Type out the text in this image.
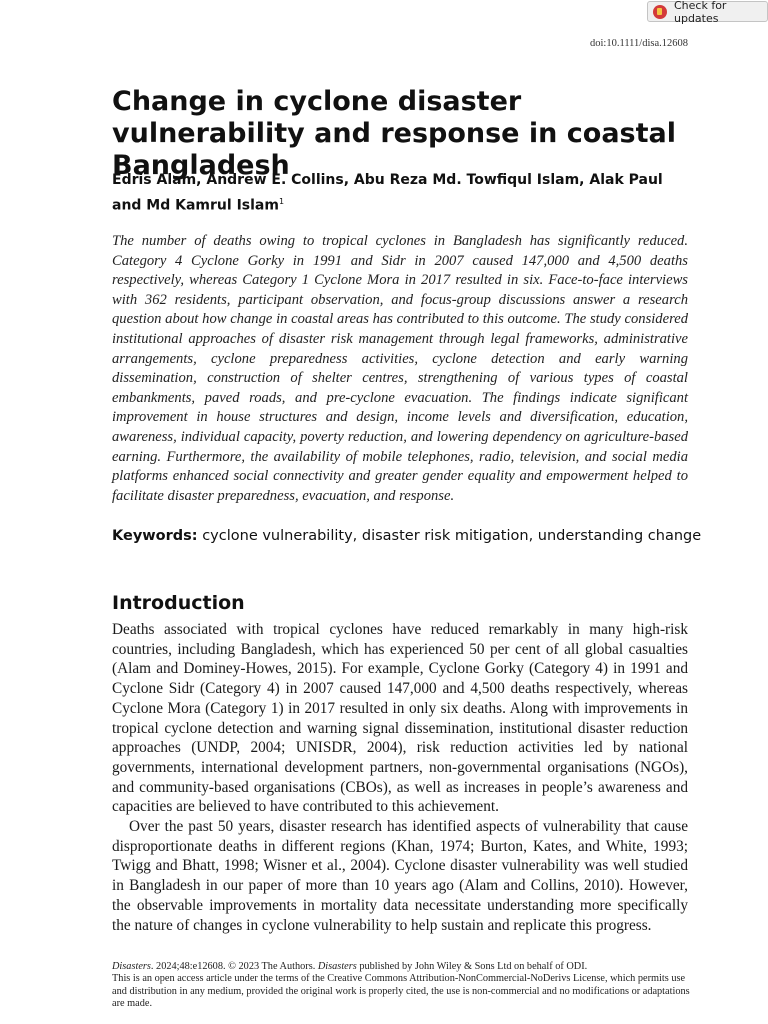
Check for updates
doi:10.1111/disa.12608
Change in cyclone disaster vulnerability and response in coastal Bangladesh

Edris Alam, Andrew E. Collins, Abu Reza Md. Towfiqul Islam, Alak Paul and Md Kamrul Islam$^1$

The number of deaths owing to tropical cyclones in Bangladesh has significantly reduced. Category 4 Cyclone Gorky in 1991 and Sidr in 2007 caused 147,000 and 4,500 deaths respectively, whereas Category 1 Cyclone Mora in 2017 resulted in six. Face-to-face interviews with 362 residents, participant observation, and focus-group discussions answer a research question about how change in coastal areas has contributed to this outcome. The study considered institutional approaches of disaster risk management through legal frameworks, administrative arrangements, cyclone preparedness activities, cyclone detection and early warning dissemination, construction of shelter centres, strengthening of various types of coastal embankments, paved roads, and pre-cyclone evacuation. The findings indicate significant improvement in house structures and design, income levels and diversification, education, awareness, individual capacity, poverty reduction, and lowering dependency on agriculture-based earning. Furthermore, the availability of mobile telephones, radio, television, and social media platforms enhanced social connectivity and greater gender equality and empowerment helped to facilitate disaster preparedness, evacuation, and response.

Keywords: cyclone vulnerability, disaster risk mitigation, understanding change

Introduction

Deaths associated with tropical cyclones have reduced remarkably in many high-risk countries, including Bangladesh, which has experienced 50 per cent of all global casualties (Alam and Dominey-Howes, 2015). For example, Cyclone Gorky (Category 4) in 1991 and Cyclone Sidr (Category 4) in 2007 caused 147,000 and 4,500 deaths respectively, whereas Cyclone Mora (Category 1) in 2017 resulted in only six deaths. Along with improvements in tropical cyclone detection and warning signal dissemination, institutional disaster reduction approaches (UNDP, 2004; UNISDR, 2004), risk reduction activities led by national governments, international development partners, non-governmental organisations (NGOs), and community-based organisations (CBOs), as well as increases in people’s awareness and capacities are believed to have contributed to this achievement.

Over the past 50 years, disaster research has identified aspects of vulnerability that cause disproportionate deaths in different regions (Khan, 1974; Burton, Kates, and White, 1993; Twigg and Bhatt, 1998; Wisner et al., 2004). Cyclone disaster vulnerability was well studied in Bangladesh in our paper of more than 10 years ago (Alam and Collins, 2010). However, the observable improvements in mortality data necessitate understanding more specifically the nature of changes in cyclone vulnerability to help sustain and replicate this progress.

Disasters. 2024;48:e12608. © 2023 The Authors. Disasters published by John Wiley & Sons Ltd on behalf of ODI.
This is an open access article under the terms of the Creative Commons Attribution-NonCommercial-NoDerivs License, which permits use and distribution in any medium, provided the original work is properly cited, the use is non-commercial and no modifications or adaptations are made.
